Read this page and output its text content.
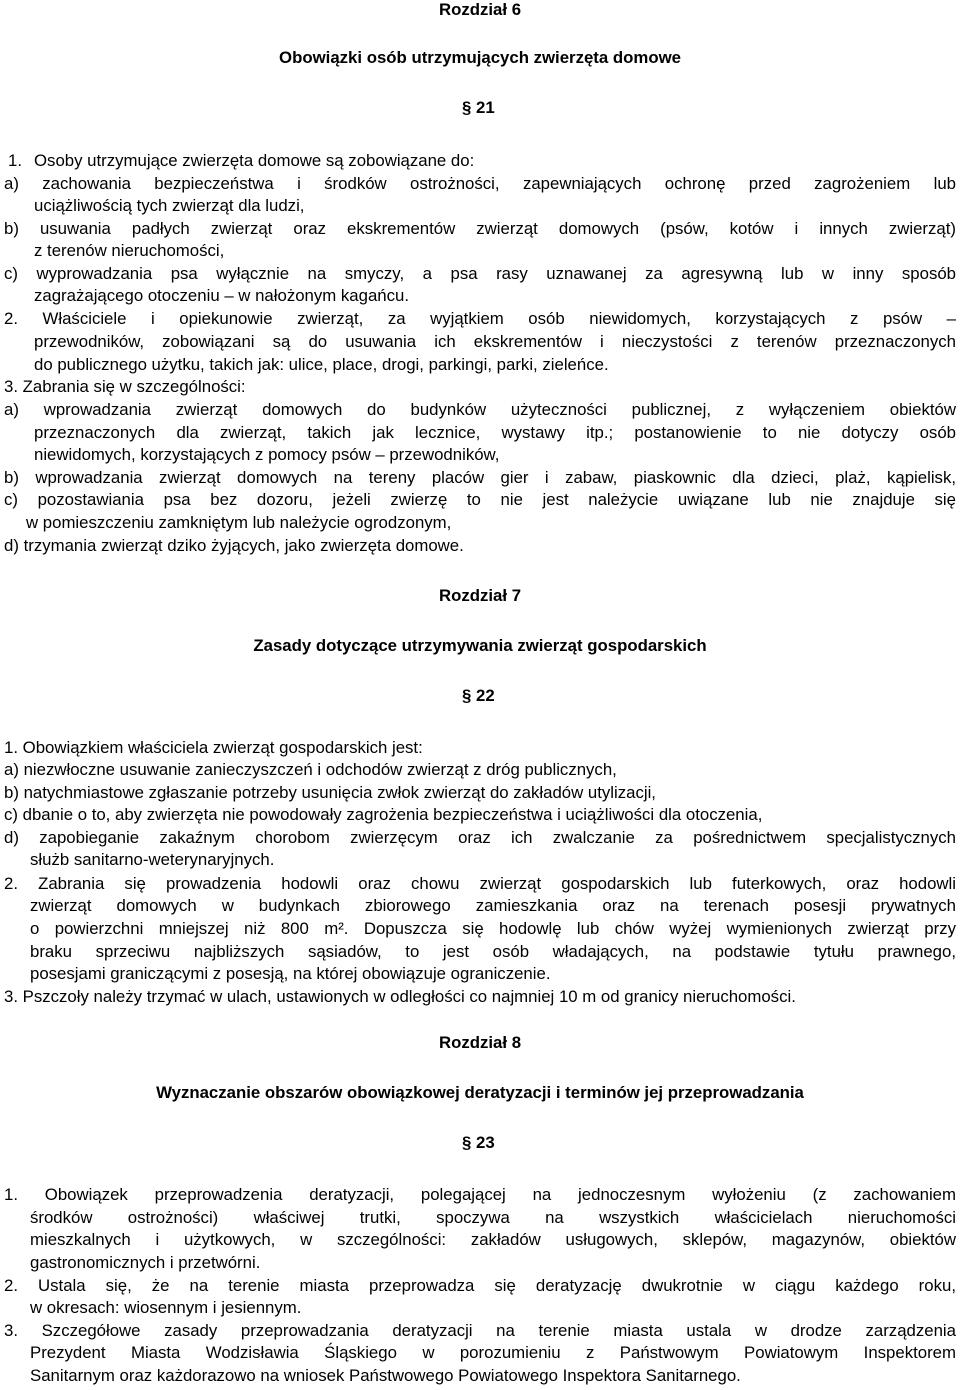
Rozdział 6
Obowiązki osób utrzymujących zwierzęta domowe
§ 21
1. Osoby utrzymujące zwierzęta domowe są zobowiązane do:
a) zachowania bezpieczeństwa i środków ostrożności, zapewniających ochronę przed zagrożeniem lub
uciążliwością tych zwierząt dla ludzi,
b) usuwania padłych zwierząt oraz ekskrementów zwierząt domowych (psów, kotów i innych zwierząt)
z terenów nieruchomości,
c) wyprowadzania psa wyłącznie na smyczy, a psa rasy uznawanej za agresywną lub w inny sposób
zagrażającego otoczeniu – w nałożonym kagańcu.
2. Właściciele i opiekunowie zwierząt, za wyjątkiem osób niewidomych, korzystających z psów –
przewodników, zobowiązani są do usuwania ich ekskrementów i nieczystości z terenów przeznaczonych
do publicznego użytku, takich jak: ulice, place, drogi, parkingi, parki, zieleńce.
3. Zabrania się w szczególności:
a) wprowadzania zwierząt domowych do budynków użyteczności publicznej, z wyłączeniem obiektów
przeznaczonych dla zwierząt, takich jak lecznice, wystawy itp.; postanowienie to nie dotyczy osób
niewidomych, korzystających z pomocy psów – przewodników,
b) wprowadzania zwierząt domowych na tereny placów gier i zabaw, piaskownic dla dzieci, plaż, kąpielisk,
c) pozostawiania psa bez dozoru, jeżeli zwierzę to nie jest należycie uwiązane lub nie znajduje się
w pomieszczeniu zamkniętym lub należycie ogrodzonym,
d) trzymania zwierząt dziko żyjących, jako zwierzęta domowe.
Rozdział 7
Zasady dotyczące utrzymywania zwierząt gospodarskich
§ 22
1. Obowiązkiem właściciela zwierząt gospodarskich jest:
a) niezwłoczne usuwanie zanieczyszczeń i odchodów zwierząt z dróg publicznych,
b) natychmiastowe zgłaszanie potrzeby usunięcia zwłok zwierząt do zakładów utylizacji,
c) dbanie o to, aby zwierzęta nie powodowały zagrożenia bezpieczeństwa i uciążliwości dla otoczenia,
d) zapobieganie zakaźnym chorobom zwierzęcym oraz ich zwalczanie za pośrednictwem specjalistycznych
służb sanitarno-weterynaryjnych.
2. Zabrania się prowadzenia hodowli oraz chowu zwierząt gospodarskich lub futerkowych, oraz hodowli
zwierząt domowych w budynkach zbiorowego zamieszkania oraz na terenach posesji prywatnych
o powierzchni mniejszej niż 800 m². Dopuszcza się hodowlę lub chów wyżej wymienionych zwierząt przy
braku sprzeciwu najbliższych sąsiadów, to jest osób władających, na podstawie tytułu prawnego,
posesjami graniczącymi z posesją, na której obowiązuje ograniczenie.
3. Pszczoły należy trzymać w ulach, ustawionych w odległości co najmniej 10 m od granicy nieruchomości.
Rozdział 8
Wyznaczanie obszarów obowiązkowej deratyzacji i terminów jej przeprowadzania
§ 23
1. Obowiązek przeprowadzenia deratyzacji, polegającej na jednoczesnym wyłożeniu (z zachowaniem
środków ostrożności) właściwej trutki, spoczywa na wszystkich właścicielach nieruchomości
mieszkalnych i użytkowych, w szczególności: zakładów usługowych, sklepów, magazynów, obiektów
gastronomicznych i przetwórni.
2. Ustala się, że na terenie miasta przeprowadza się deratyzację dwukrotnie w ciągu każdego roku,
w okresach: wiosennym i jesiennym.
3. Szczegółowe zasady przeprowadzania deratyzacji na terenie miasta ustala w drodze zarządzenia
Prezydent Miasta Wodzisławia Śląskiego w porozumieniu z Państwowym Powiatowym Inspektorem
Sanitarnym oraz każdorazowo na wniosek Państwowego Powiatowego Inspektora Sanitarnego.
